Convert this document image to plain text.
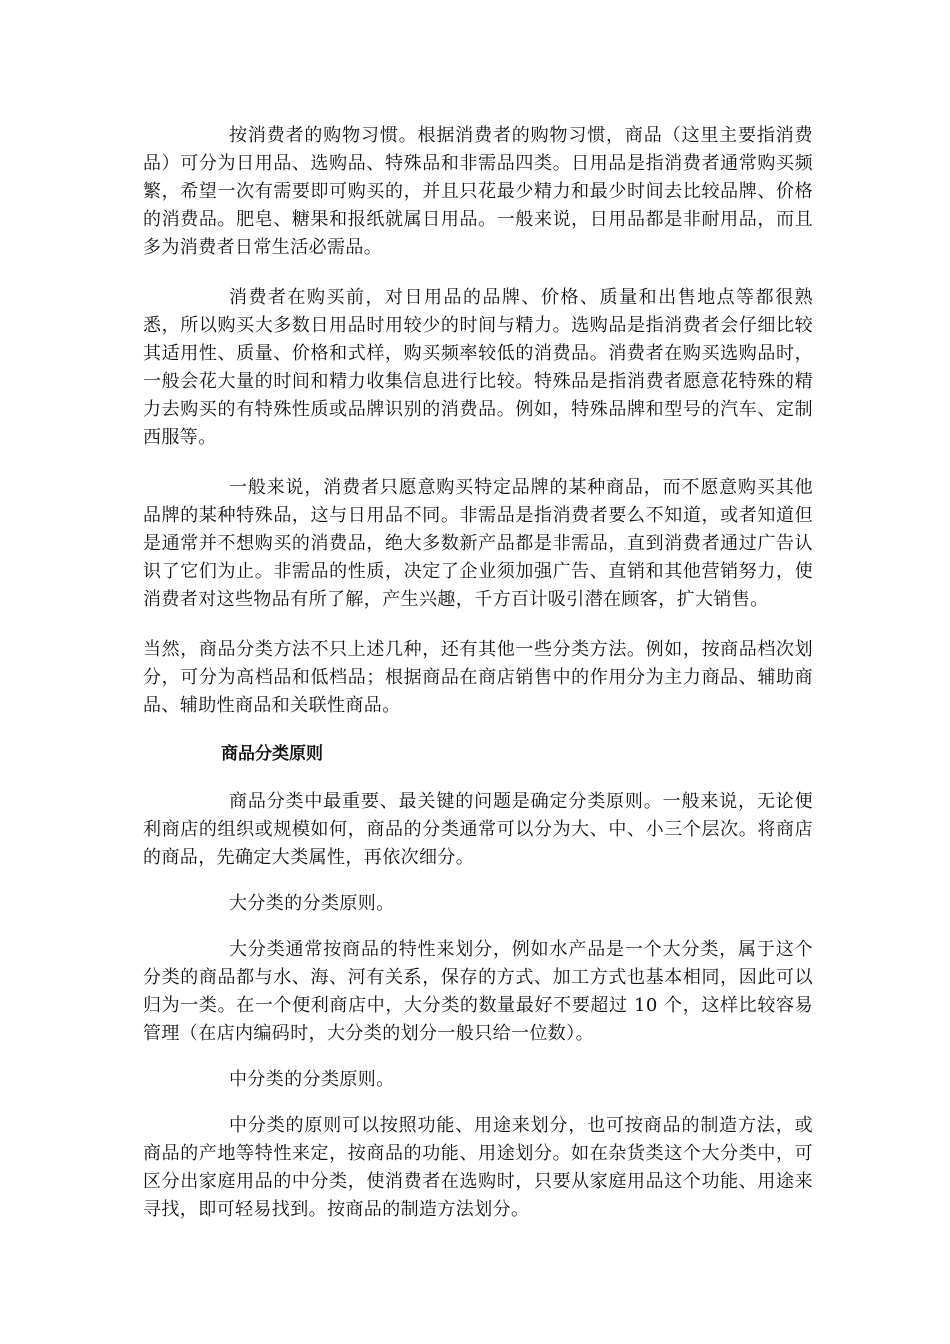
按消费者的购物习惯。根据消费者的购物习惯，商品（这里主要指消费品）可分为日用品、选购品、特殊品和非需品四类。日用品是指消费者通常购买频繁，希望一次有需要即可购买的，并且只花最少精力和最少时间去比较品牌、价格的消费品。肥皂、糖果和报纸就属日用品。一般来说，日用品都是非耐用品，而且多为消费者日常生活必需品。

消费者在购买前，对日用品的品牌、价格、质量和出售地点等都很熟悉，所以购买大多数日用品时用较少的时间与精力。选购品是指消费者会仔细比较其适用性、质量、价格和式样，购买频率较低的消费品。消费者在购买选购品时，一般会花大量的时间和精力收集信息进行比较。特殊品是指消费者愿意花特殊的精力去购买的有特殊性质或品牌识别的消费品。例如，特殊品牌和型号的汽车、定制西服等。

一般来说，消费者只愿意购买特定品牌的某种商品，而不愿意购买其他品牌的某种特殊品，这与日用品不同。非需品是指消费者要么不知道，或者知道但是通常并不想购买的消费品，绝大多数新产品都是非需品，直到消费者通过广告认识了它们为止。非需品的性质，决定了企业须加强广告、直销和其他营销努力，使消费者对这些物品有所了解，产生兴趣，千方百计吸引潜在顾客，扩大销售。

当然，商品分类方法不只上述几种，还有其他一些分类方法。例如，按商品档次划分，可分为高档品和低档品；根据商品在商店销售中的作用分为主力商品、辅助商品、辅助性商品和关联性商品。

商品分类原则

商品分类中最重要、最关键的问题是确定分类原则。一般来说，无论便利商店的组织或规模如何，商品的分类通常可以分为大、中、小三个层次。将商店的商品，先确定大类属性，再依次细分。

大分类的分类原则。

大分类通常按商品的特性来划分，例如水产品是一个大分类，属于这个分类的商品都与水、海、河有关系，保存的方式、加工方式也基本相同，因此可以归为一类。在一个便利商店中，大分类的数量最好不要超过 10 个，这样比较容易管理（在店内编码时，大分类的划分一般只给一位数）。

中分类的分类原则。

中分类的原则可以按照功能、用途来划分，也可按商品的制造方法，或商品的产地等特性来定，按商品的功能、用途划分。如在杂货类这个大分类中，可区分出家庭用品的中分类，使消费者在选购时，只要从家庭用品这个功能、用途来寻找，即可轻易找到。按商品的制造方法划分。
